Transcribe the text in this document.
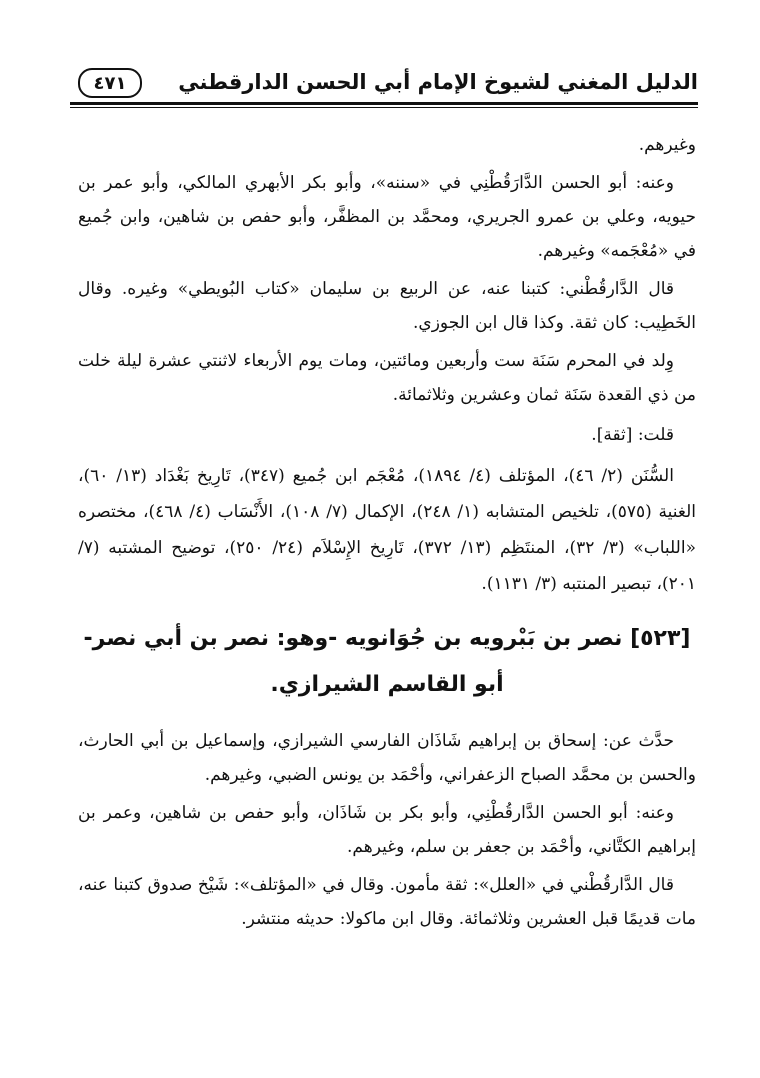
الدليل المغني لشيوخ الإمام أبي الحسن الدارقطني
٤٧١

وغيرهم.

وعنه: أبو الحسن الدَّارَقُطْنِي في «سننه»، وأبو بكر الأبهري المالكي، وأبو عمر بن حيويه، وعلي بن عمرو الجريري، ومحمَّد بن المظفَّر، وأبو حفص بن شاهين، وابن جُميع في «مُعْجَمه» وغيرهم.

قال الدَّارقُطْني: كتبنا عنه، عن الربيع بن سليمان «كتاب البُويطي» وغيره. وقال الخَطِيب: كان ثقة. وكذا قال ابن الجوزي.

وِلد في المحرم سَنَة ست وأربعين ومائتين، ومات يوم الأربعاء لاثنتي عشرة ليلة خلت من ذي القعدة سَنَة ثمان وعشرين وثلاثمائة.

قلت: [ثقة].

السُّنَن (٢/ ٤٦)، المؤتلف (٤/ ١٨٩٤)، مُعْجَم ابن جُميع (٣٤٧)، تَارِيخ بَغْدَاد (١٣/ ٦٠)، الغنية (٥٧٥)، تلخيص المتشابه (١/ ٢٤٨)، الإكمال (٧/ ١٠٨)، الأَنْسَاب (٤/ ٤٦٨)، مختصره «اللباب» (٣/ ٣٢)، المنتَظِم (١٣/ ٣٧٢)، تَارِيخ الإِسْلاَم (٢٤/ ٢٥٠)، توضيح المشتبه (٧/ ٢٠١)، تبصير المنتبه (٣/ ١١٣١).

[٥٢٣] نصر بن بَبْرويه بن جُوَانويه -وهو: نصر بن أبي نصر- أبو القاسم الشيرازي.

حدَّث عن: إسحاق بن إبراهيم شَاذَان الفارسي الشيرازي، وإسماعيل بن أبي الحارث، والحسن بن محمَّد الصباح الزعفراني، وأحْمَد بن يونس الضبي، وغيرهم.

وعنه: أبو الحسن الدَّارقُطْنِي، وأبو بكر بن شَاذَان، وأبو حفص بن شاهين، وعمر بن إبراهيم الكتَّاني، وأحْمَد بن جعفر بن سلم، وغيرهم.

قال الدَّارقُطْني في «العلل»: ثقة مأمون. وقال في «المؤتلف»: شَيْخ صدوق كتبنا عنه، مات قديمًا قبل العشرين وثلاثمائة. وقال ابن ماكولا: حديثه منتشر.
